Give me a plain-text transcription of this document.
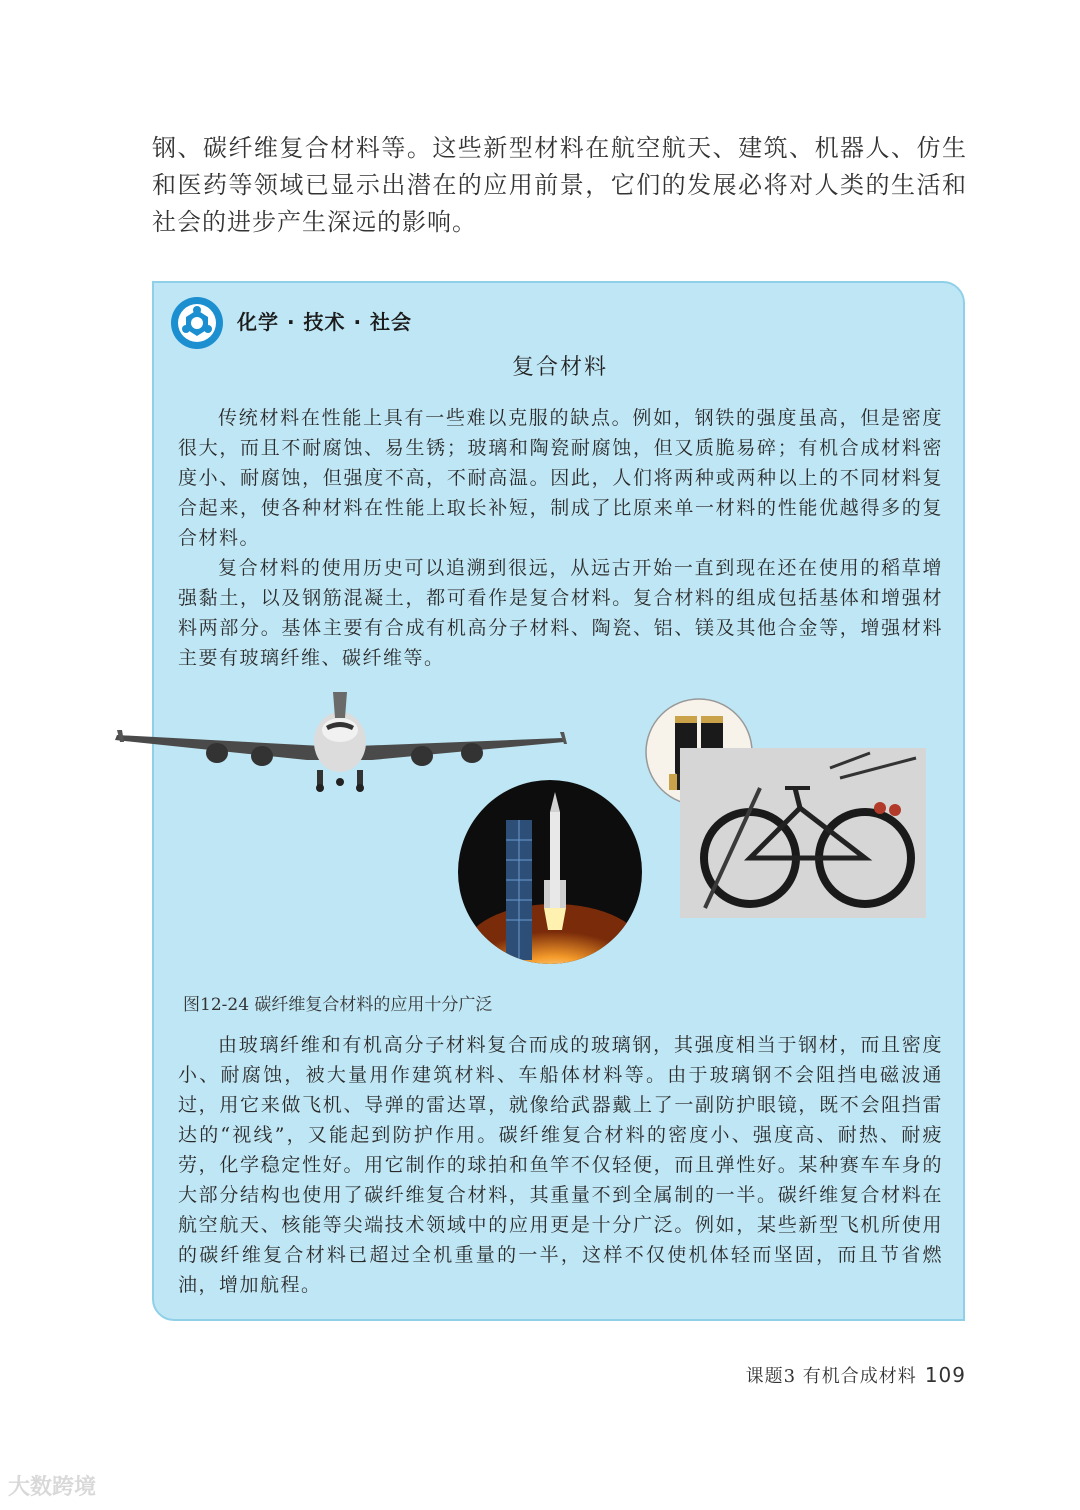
钢、碳纤维复合材料等。这些新型材料在航空航天、建筑、机器人、仿生和医药等领域已显示出潜在的应用前景，它们的发展必将对人类的生活和社会的进步产生深远的影响。

化学 · 技术 · 社会
复合材料

传统材料在性能上具有一些难以克服的缺点。例如，钢铁的强度虽高，但是密度很大，而且不耐腐蚀、易生锈；玻璃和陶瓷耐腐蚀，但又质脆易碎；有机合成材料密度小、耐腐蚀，但强度不高，不耐高温。因此，人们将两种或两种以上的不同材料复合起来，使各种材料在性能上取长补短，制成了比原来单一材料的性能优越得多的复合材料。

复合材料的使用历史可以追溯到很远，从远古开始一直到现在还在使用的稻草增强黏土，以及钢筋混凝土，都可看作是复合材料。复合材料的组成包括基体和增强材料两部分。基体主要有合成有机高分子材料、陶瓷、铝、镁及其他合金等，增强材料主要有玻璃纤维、碳纤维等。

图12-24 碳纤维复合材料的应用十分广泛

由玻璃纤维和有机高分子材料复合而成的玻璃钢，其强度相当于钢材，而且密度小、耐腐蚀，被大量用作建筑材料、车船体材料等。由于玻璃钢不会阻挡电磁波通过，用它来做飞机、导弹的雷达罩，就像给武器戴上了一副防护眼镜，既不会阻挡雷达的“视线”，又能起到防护作用。碳纤维复合材料的密度小、强度高、耐热、耐疲劳，化学稳定性好。用它制作的球拍和鱼竿不仅轻便，而且弹性好。某种赛车车身的大部分结构也使用了碳纤维复合材料，其重量不到全属制的一半。碳纤维复合材料在航空航天、核能等尖端技术领域中的应用更是十分广泛。例如，某些新型飞机所使用的碳纤维复合材料已超过全机重量的一半，这样不仅使机体轻而坚固，而且节省燃油，增加航程。

课题3 有机合成材料 109
大数跨境
